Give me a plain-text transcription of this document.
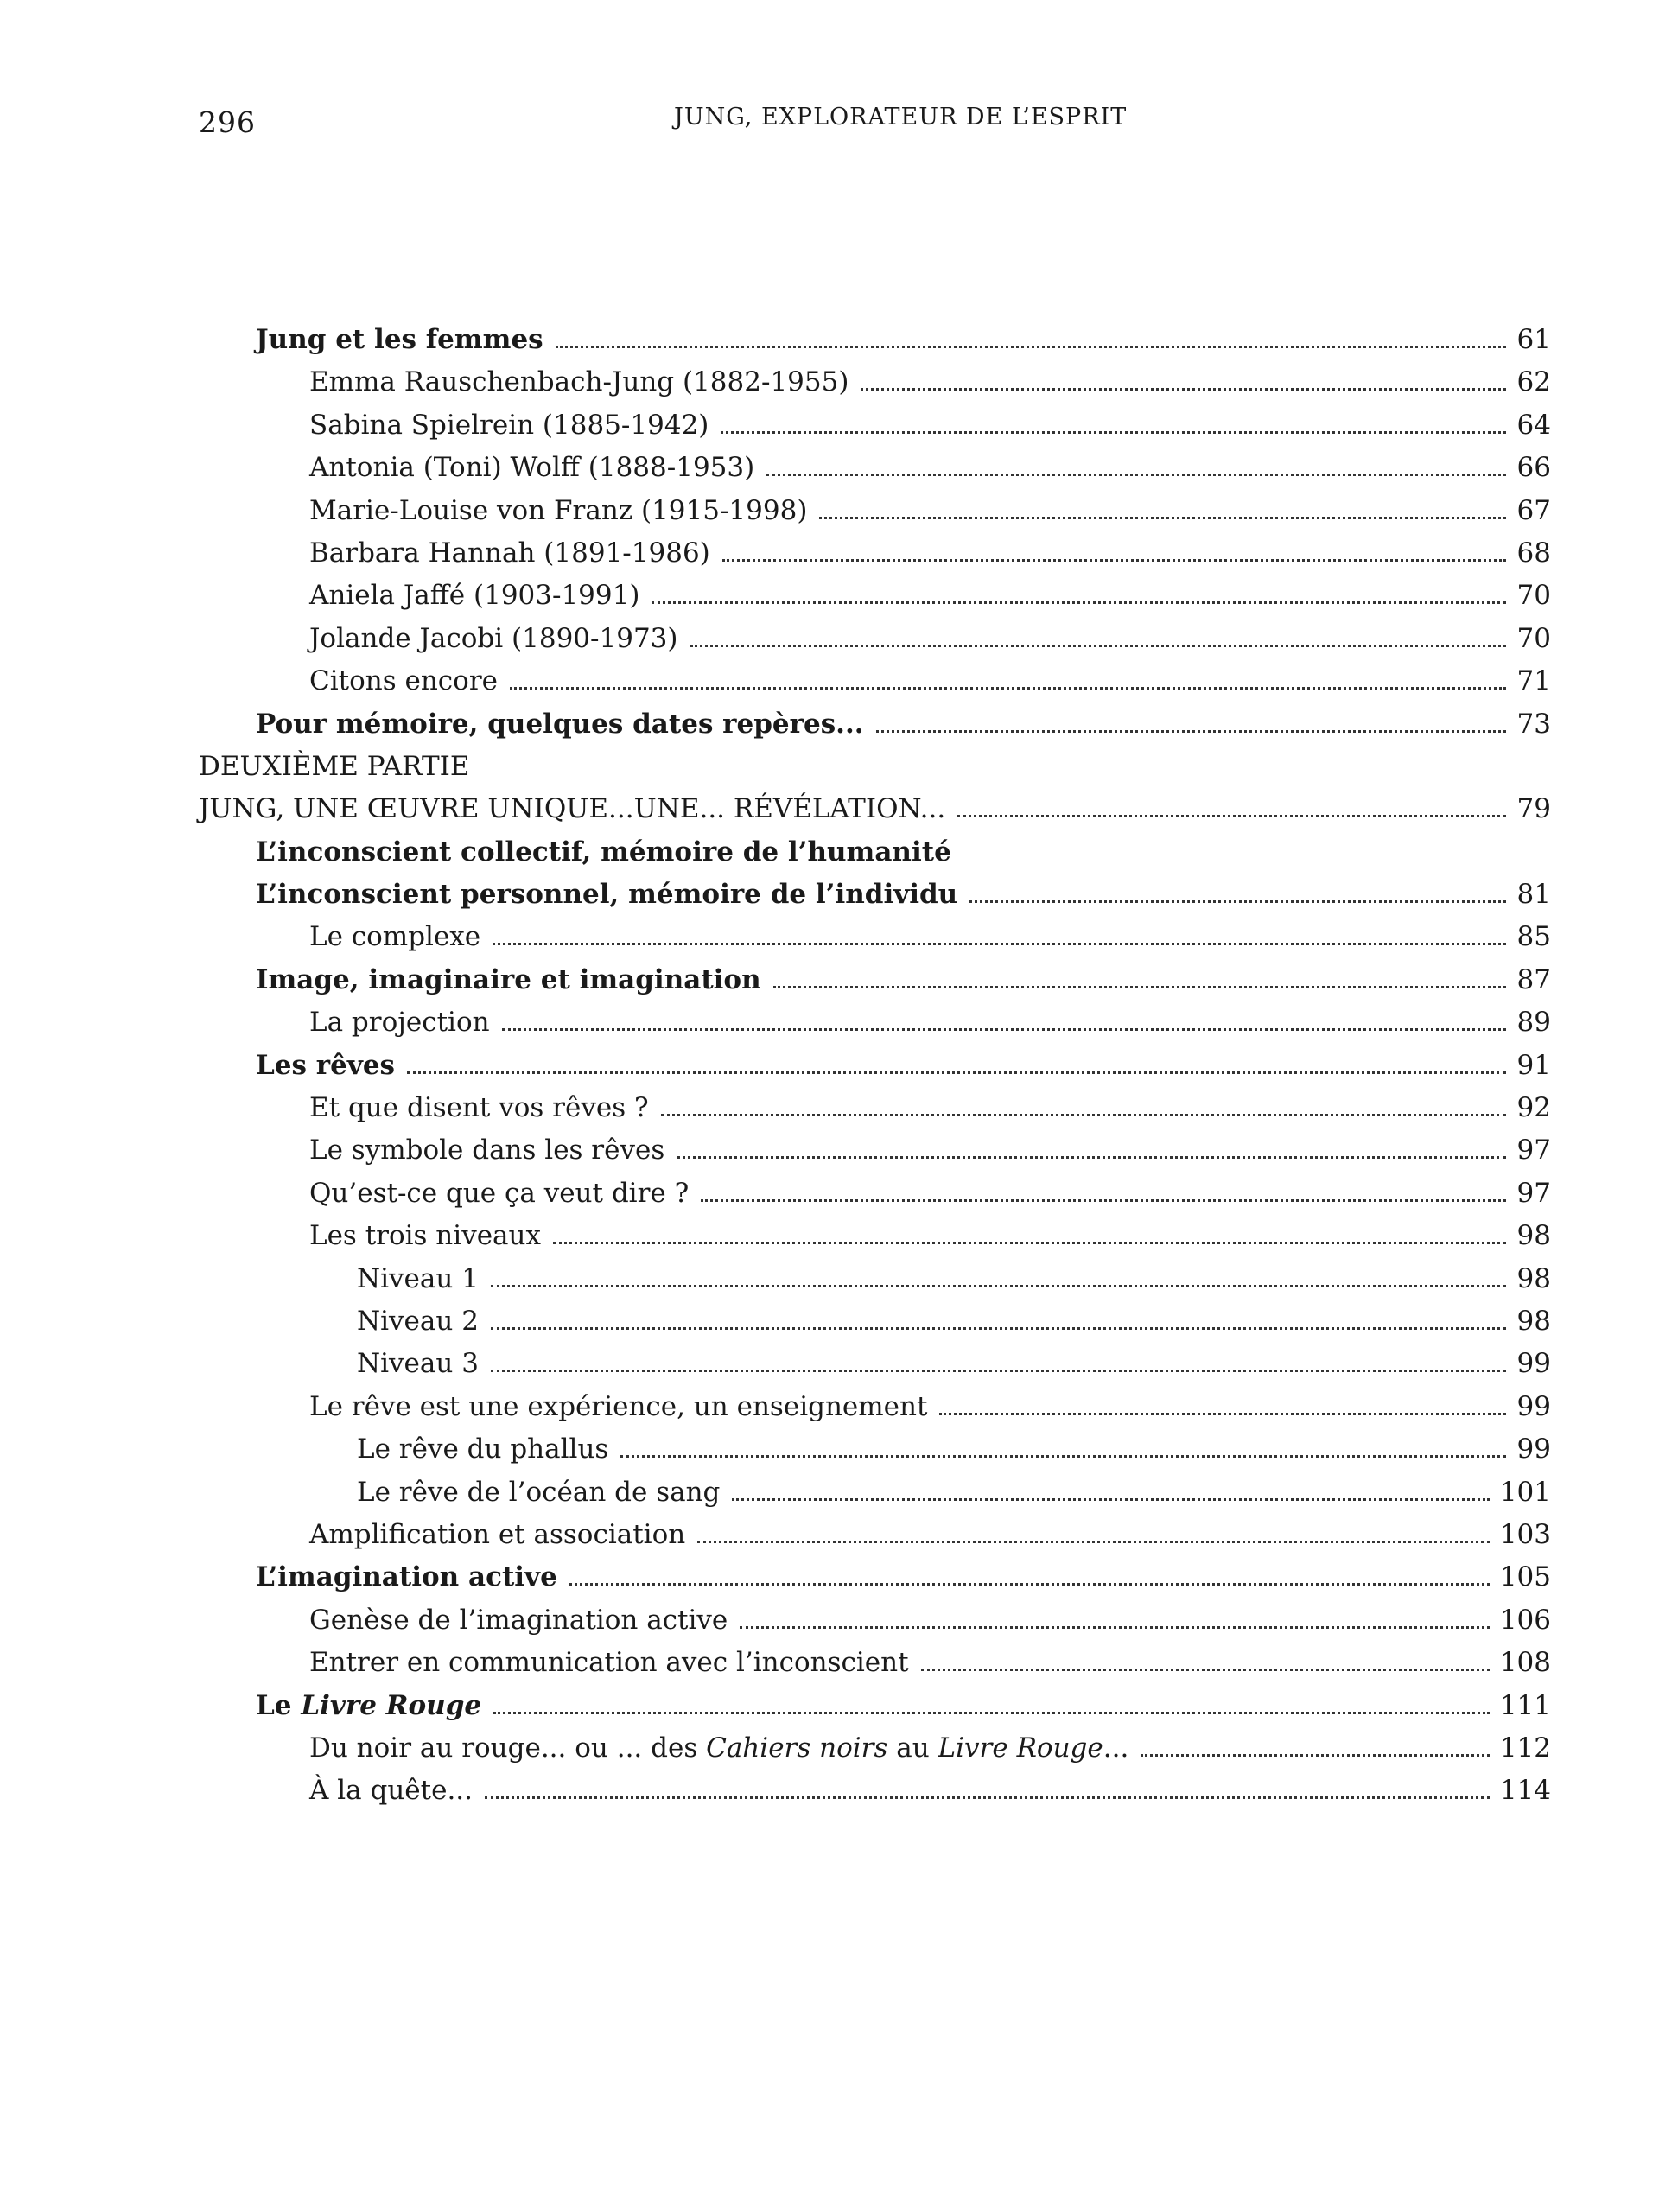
296	JUNG, EXPLORATEUR DE L’ESPRIT
Jung et les femmes	61
Emma Rauschenbach-Jung (1882-1955)	62
Sabina Spielrein (1885-1942)	64
Antonia (Toni) Wolff (1888-1953)	66
Marie-Louise von Franz (1915-1998)	67
Barbara Hannah (1891-1986)	68
Aniela Jaffé (1903-1991)	70
Jolande Jacobi (1890-1973)	70
Citons encore	71
Pour mémoire, quelques dates repères...	73
DEUXIÈME PARTIE
JUNG, UNE ŒUVRE UNIQUE...UNE... RÉVÉLATION...	79
L’inconscient collectif, mémoire de l’humanité
L’inconscient personnel, mémoire de l’individu	81
Le complexe	85
Image, imaginaire et imagination	87
La projection	89
Les rêves	91
Et que disent vos rêves ?	92
Le symbole dans les rêves	97
Qu’est-ce que ça veut dire ?	97
Les trois niveaux	98
Niveau 1	98
Niveau 2	98
Niveau 3	99
Le rêve est une expérience, un enseignement	99
Le rêve du phallus	99
Le rêve de l’océan de sang	101
Amplification et association	103
L’imagination active	105
Genèse de l’imagination active	106
Entrer en communication avec l’inconscient	108
Le Livre Rouge	111
Du noir au rouge... ou ... des Cahiers noirs au Livre Rouge...	112
À la quête...	114
